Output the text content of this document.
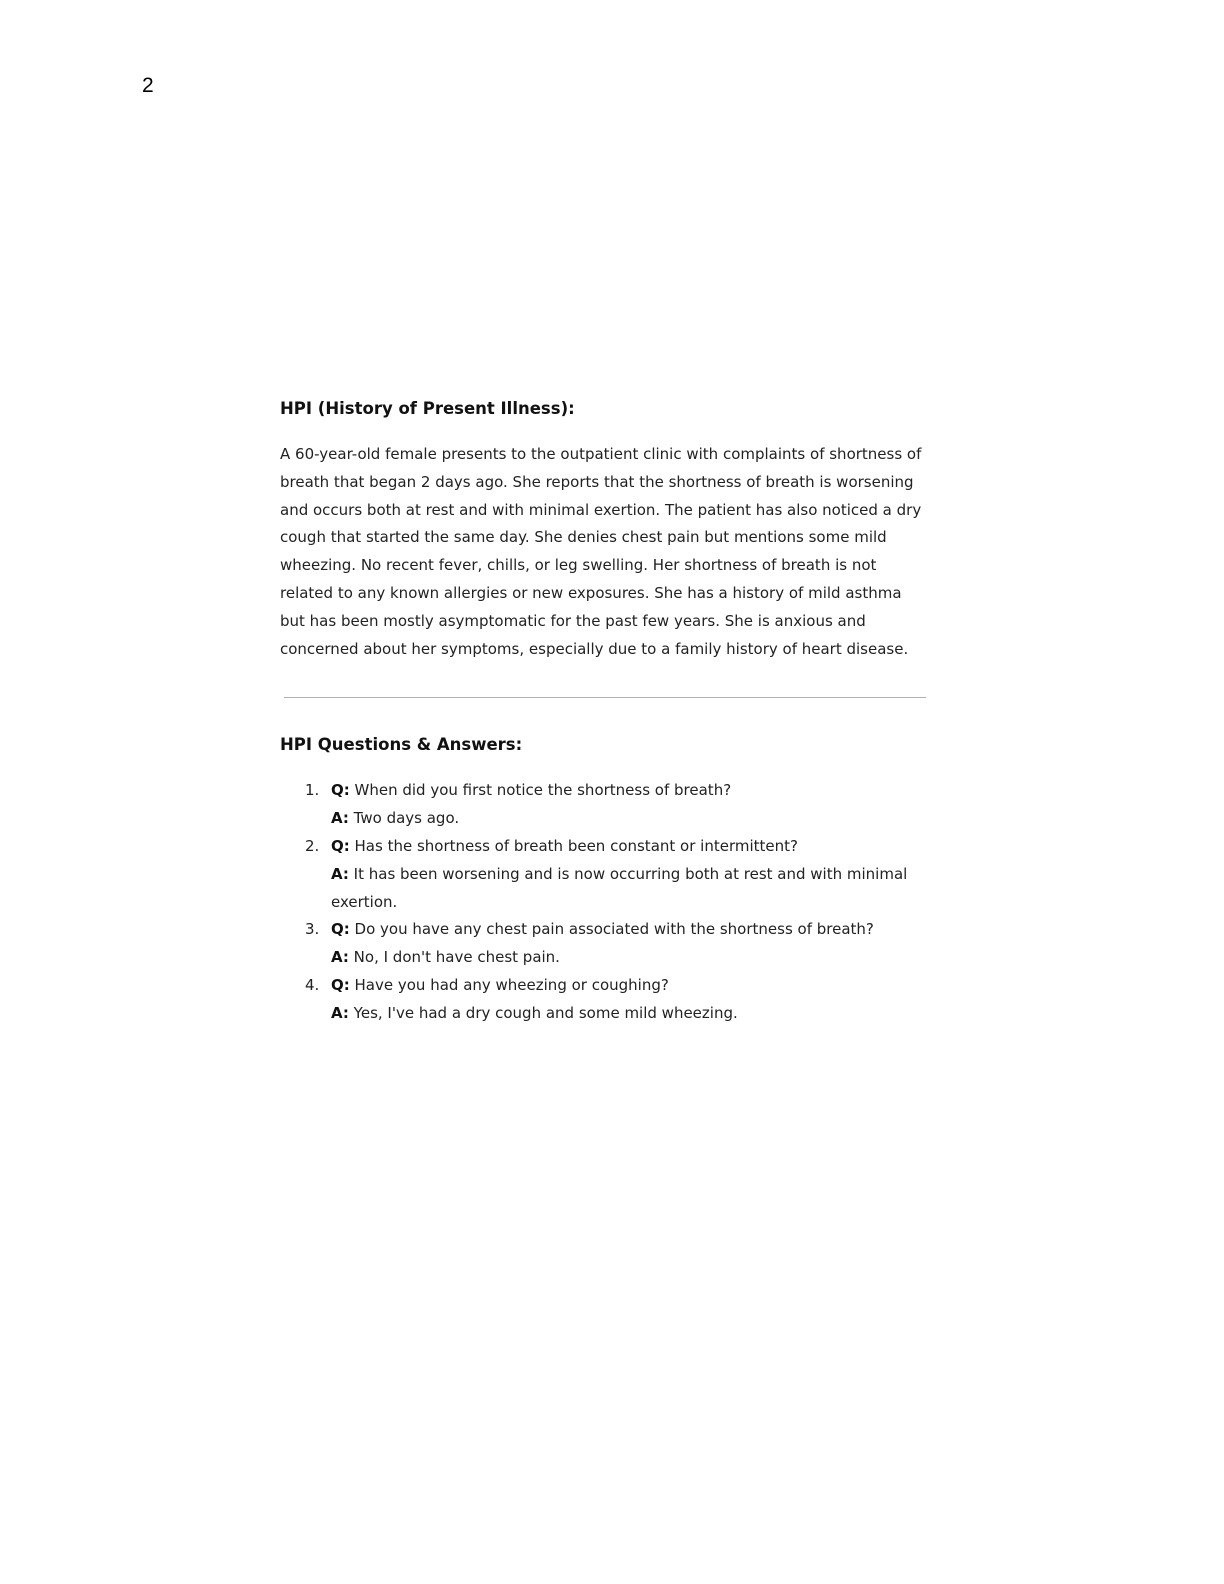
2
HPI (History of Present Illness):

A 60-year-old female presents to the outpatient clinic with complaints of shortness of breath that began 2 days ago. She reports that the shortness of breath is worsening and occurs both at rest and with minimal exertion. The patient has also noticed a dry cough that started the same day. She denies chest pain but mentions some mild wheezing. No recent fever, chills, or leg swelling. Her shortness of breath is not related to any known allergies or new exposures. She has a history of mild asthma but has been mostly asymptomatic for the past few years. She is anxious and concerned about her symptoms, especially due to a family history of heart disease.

HPI Questions & Answers:
1. Q: When did you first notice the shortness of breath?
A: Two days ago.
2. Q: Has the shortness of breath been constant or intermittent?
A: It has been worsening and is now occurring both at rest and with minimal exertion.
3. Q: Do you have any chest pain associated with the shortness of breath?
A: No, I don't have chest pain.
4. Q: Have you had any wheezing or coughing?
A: Yes, I've had a dry cough and some mild wheezing.
